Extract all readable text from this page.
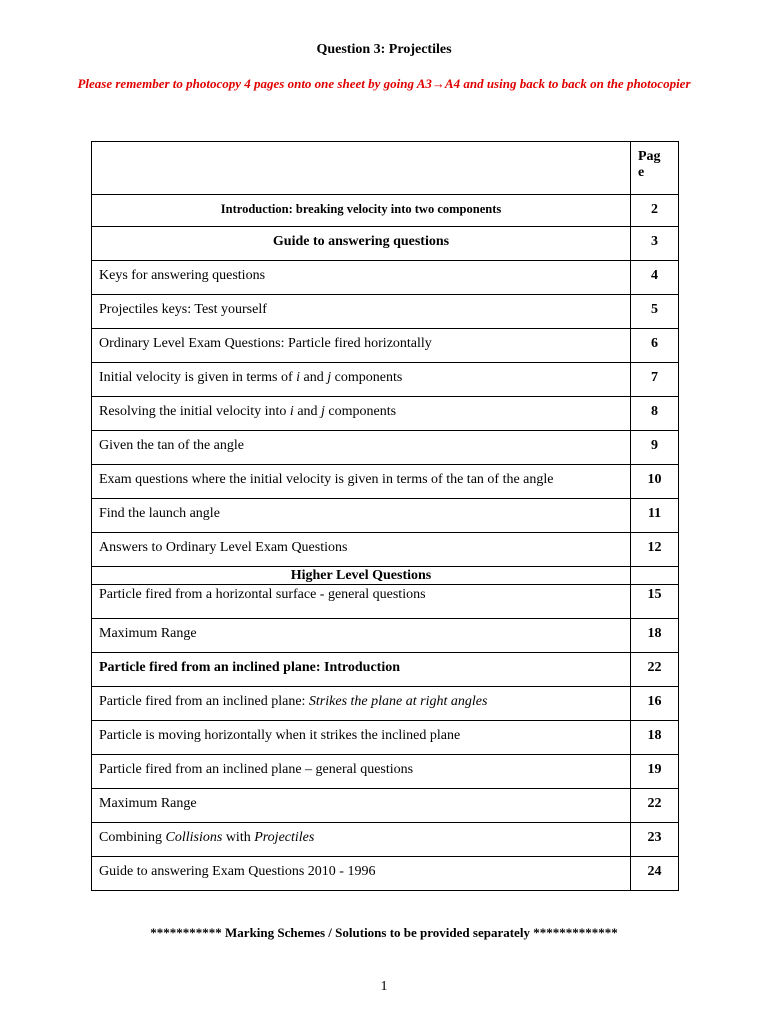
Question 3: Projectiles
Please remember to photocopy 4 pages onto one sheet by going A3→A4 and using back to back on the photocopier
	Pag
e
Introduction: breaking velocity into two components	2
Guide to answering questions	3
Keys for answering questions	4
Projectiles keys: Test yourself	5
Ordinary Level Exam Questions: Particle fired horizontally	6
Initial velocity is given in terms of i and j components	7
Resolving the initial velocity into i and j components	8
Given the tan of the angle	9
Exam questions where the initial velocity is given in terms of the tan of the angle	10
Find the launch angle	11
Answers to Ordinary Level Exam Questions	12
Higher Level Questions	
Particle fired from a horizontal surface - general questions	15
Maximum Range	18
Particle fired from an inclined plane: Introduction	22
Particle fired from an inclined plane: Strikes the plane at right angles	16
Particle is moving horizontally when it strikes the inclined plane	18
Particle fired from an inclined plane – general questions	19
Maximum Range	22
Combining Collisions with Projectiles	23
Guide to answering Exam Questions 2010 - 1996	24
*********** Marking Schemes / Solutions to be provided separately *************
1
